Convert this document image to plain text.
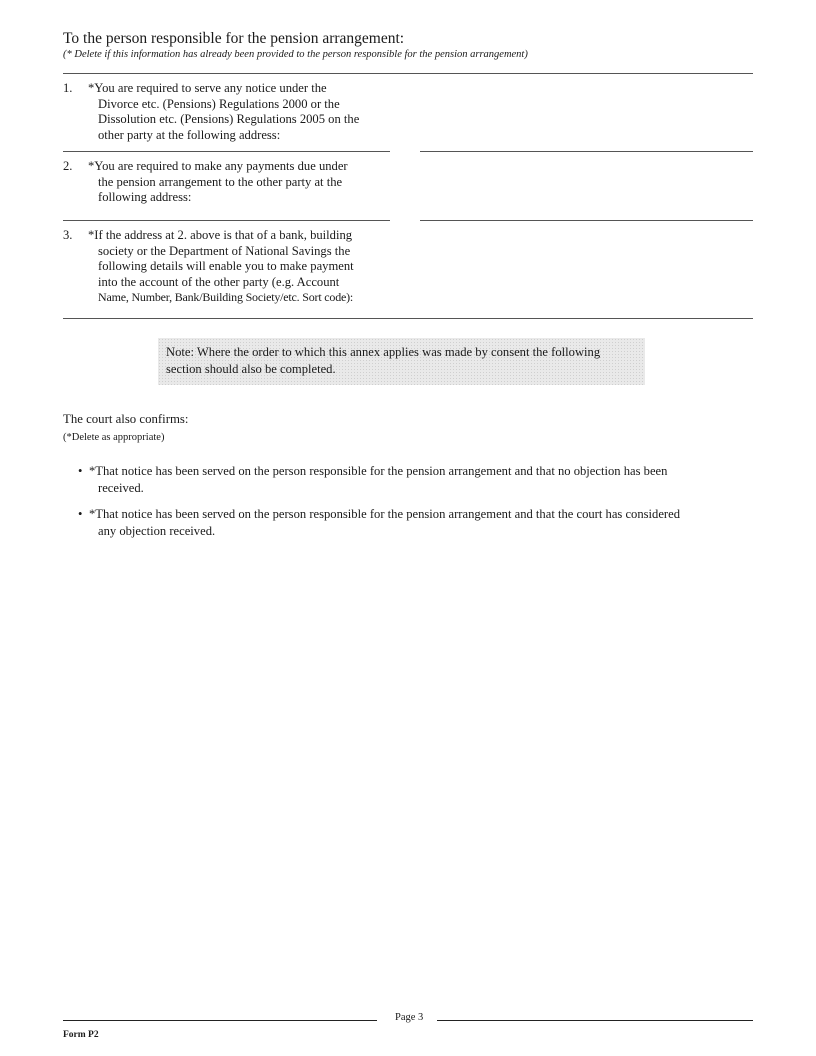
To the person responsible for the pension arrangement:
(* Delete if this information has already been provided to the person responsible for the pension arrangement)
1.	*You are required to serve any notice under the
Divorce etc. (Pensions) Regulations 2000 or the
Dissolution etc. (Pensions) Regulations 2005 on the
other party at the following address:
2.	*You are required to make any payments due under
the pension arrangement to the other party at the
following address:
3.	*If the address at 2. above is that of a bank, building
society or the Department of National Savings the
following details will enable you to make payment
into the account of the other party (e.g. Account
Name, Number, Bank/Building Society/etc. Sort code):
Note: Where the order to which this annex applies was made by consent the following
section should also be completed.
The court also confirms:
(*Delete as appropriate)
• *That notice has been served on the person responsible for the pension arrangement and that no objection has been
received.
• *That notice has been served on the person responsible for the pension arrangement and that the court has considered
any objection received.
Page 3
Form P2
